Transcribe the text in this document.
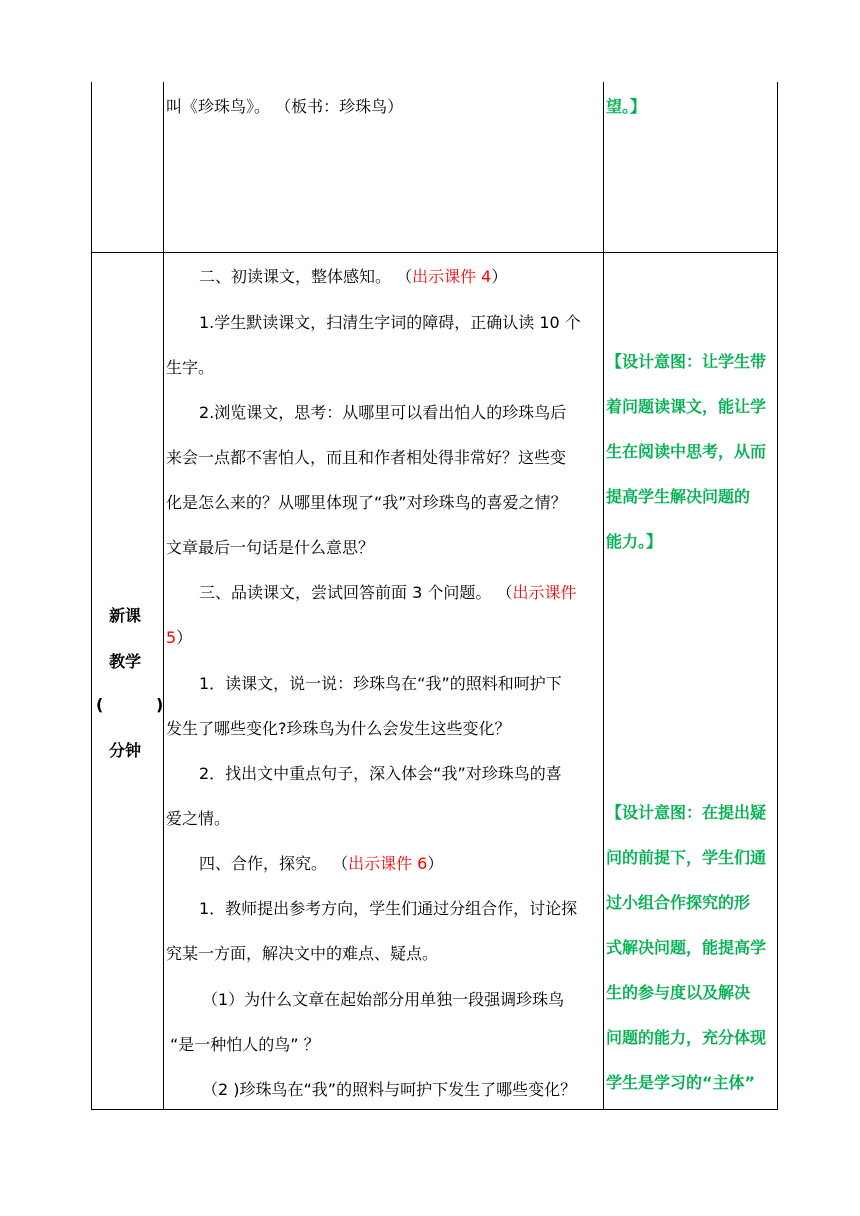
叫《珍珠鸟》。 （板书：珍珠鸟）	望。】
新课
教学
(	)
分钟
二、初读课文，整体感知。 （出示课件 4）
1.学生默读课文，扫清生字词的障碍，正确认读 10 个
生字。
2.浏览课文，思考：从哪里可以看出怕人的珍珠鸟后
来会一点都不害怕人，而且和作者相处得非常好？这些变
化是怎么来的？从哪里体现了“我”对珍珠鸟的喜爱之情？
文章最后一句话是什么意思？
三、品读课文，尝试回答前面 3 个问题。 （出示课件
5）
1．读课文，说一说：珍珠鸟在“我”的照料和呵护下
发生了哪些变化?珍珠鸟为什么会发生这些变化？
2．找出文中重点句子，深入体会“我”对珍珠鸟的喜
爱之情。
四、合作，探究。 （出示课件 6）
1．教师提出参考方向，学生们通过分组合作，讨论探
究某一方面，解决文中的难点、疑点。
（1）为什么文章在起始部分用单独一段强调珍珠鸟
“是一种怕人的鸟” ？
（2 )珍珠鸟在“我”的照料与呵护下发生了哪些变化？
【设计意图：让学生带
着问题读课文，能让学
生在阅读中思考，从而
提高学生解决问题的
能力。】
【设计意图：在提出疑
问的前提下，学生们通
过小组合作探究的形
式解决问题，能提高学
生的参与度以及解决
问题的能力，充分体现
学生是学习的“主体”
